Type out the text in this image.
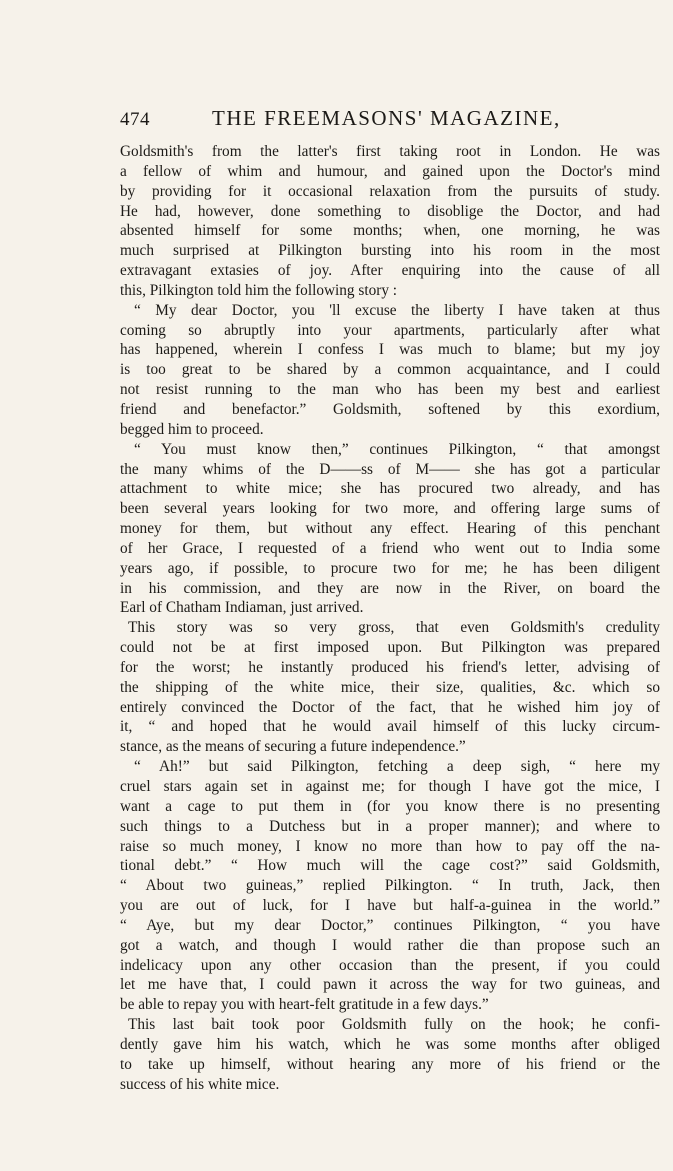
474	THE FREEMASONS' MAGAZINE,
Goldsmith's from the latter's first taking root in London. He was
a fellow of whim and humour, and gained upon the Doctor's mind
by providing for it occasional relaxation from the pursuits of study.
He had, however, done something to disoblige the Doctor, and had
absented himself for some months; when, one morning, he was
much surprised at Pilkington bursting into his room in the most
extravagant extasies of joy. After enquiring into the cause of all
this, Pilkington told him the following story :
“ My dear Doctor, you 'll excuse the liberty I have taken at thus
coming so abruptly into your apartments, particularly after what
has happened, wherein I confess I was much to blame; but my joy
is too great to be shared by a common acquaintance, and I could
not resist running to the man who has been my best and earliest
friend and benefactor.” Goldsmith, softened by this exordium,
begged him to proceed.
“ You must know then,” continues Pilkington, “ that amongst
the many whims of the D——ss of M—— she has got a particular
attachment to white mice; she has procured two already, and has
been several years looking for two more, and offering large sums of
money for them, but without any effect. Hearing of this penchant
of her Grace, I requested of a friend who went out to India some
years ago, if possible, to procure two for me; he has been diligent
in his commission, and they are now in the River, on board the
Earl of Chatham Indiaman, just arrived.
This story was so very gross, that even Goldsmith's credulity
could not be at first imposed upon. But Pilkington was prepared
for the worst; he instantly produced his friend's letter, advising of
the shipping of the white mice, their size, qualities, &c. which so
entirely convinced the Doctor of the fact, that he wished him joy of
it, “ and hoped that he would avail himself of this lucky circum-
stance, as the means of securing a future independence.”
“ Ah!” but said Pilkington, fetching a deep sigh, “ here my
cruel stars again set in against me; for though I have got the mice, I
want a cage to put them in (for you know there is no presenting
such things to a Dutchess but in a proper manner); and where to
raise so much money, I know no more than how to pay off the na-
tional debt.” “ How much will the cage cost?” said Goldsmith,
“ About two guineas,” replied Pilkington. “ In truth, Jack, then
you are out of luck, for I have but half-a-guinea in the world.”
“ Aye, but my dear Doctor,” continues Pilkington, “ you have
got a watch, and though I would rather die than propose such an
indelicacy upon any other occasion than the present, if you could
let me have that, I could pawn it across the way for two guineas, and
be able to repay you with heart-felt gratitude in a few days.”
This last bait took poor Goldsmith fully on the hook; he confi-
dently gave him his watch, which he was some months after obliged
to take up himself, without hearing any more of his friend or the
success of his white mice.
